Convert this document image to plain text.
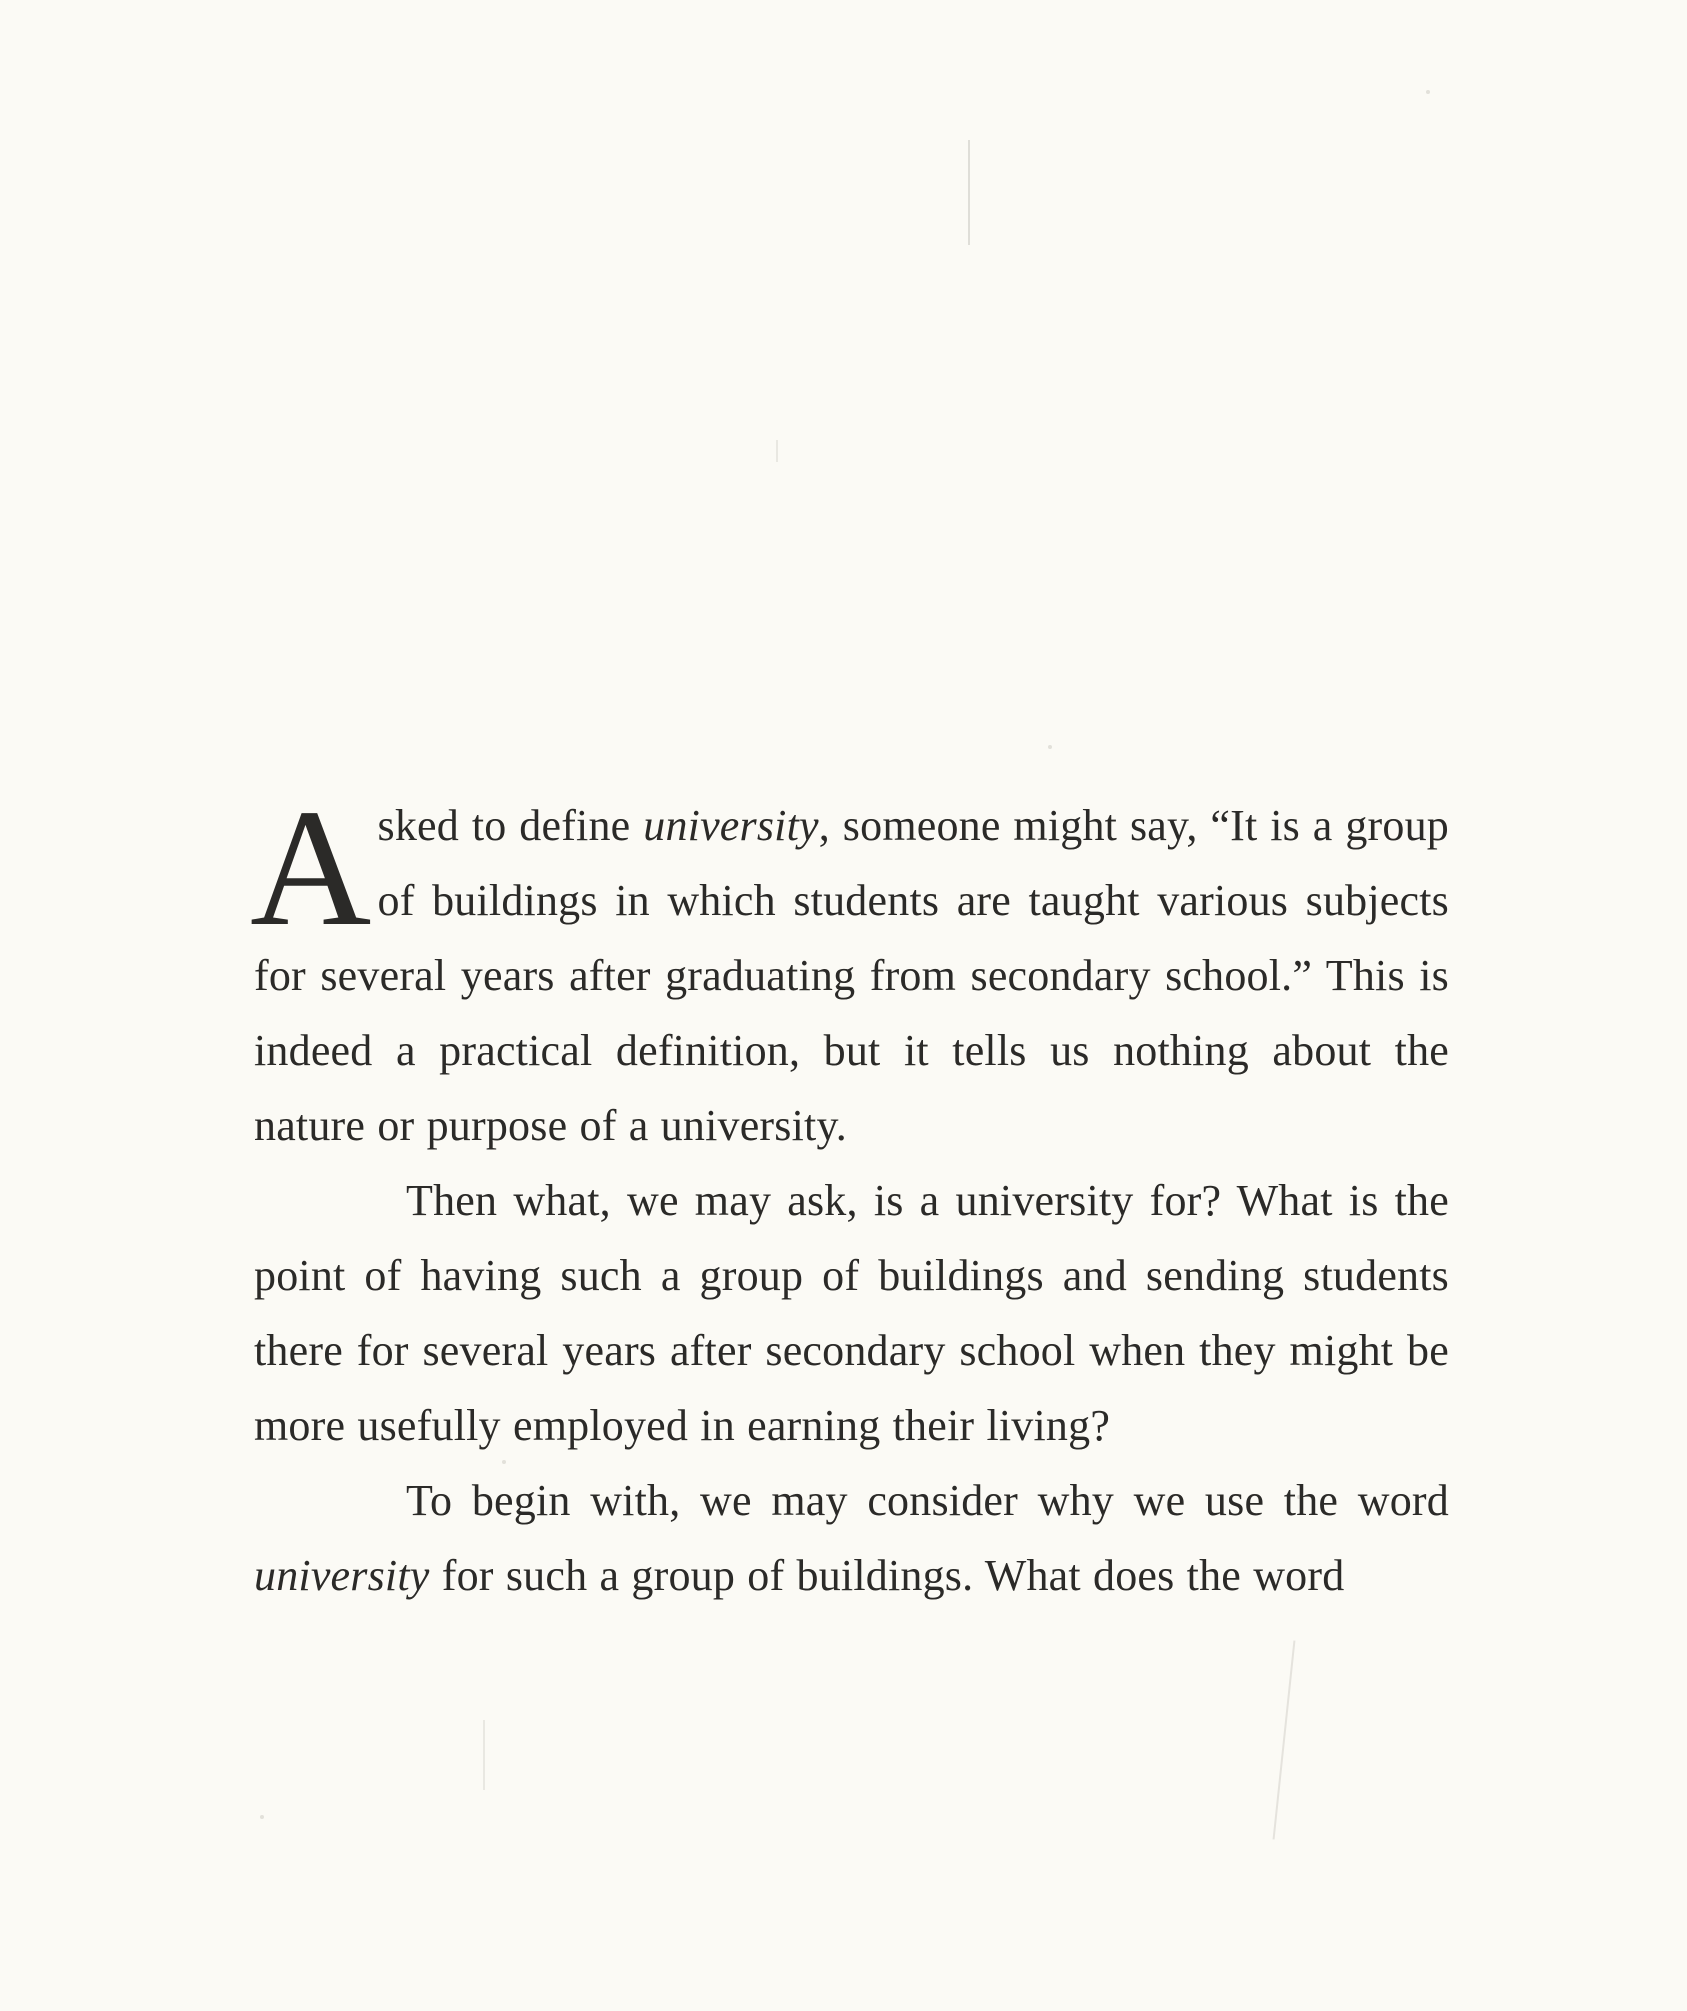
Asked to define university, someone might say, “It is a group of buildings in which students are taught various subjects for several years after graduating from secondary school.” This is indeed a practical definition, but it tells us nothing about the nature or purpose of a university.

Then what, we may ask, is a university for? What is the point of having such a group of buildings and sending students there for several years after secondary school when they might be more usefully employed in earning their living?

To begin with, we may consider why we use the word university for such a group of buildings. What does the word
